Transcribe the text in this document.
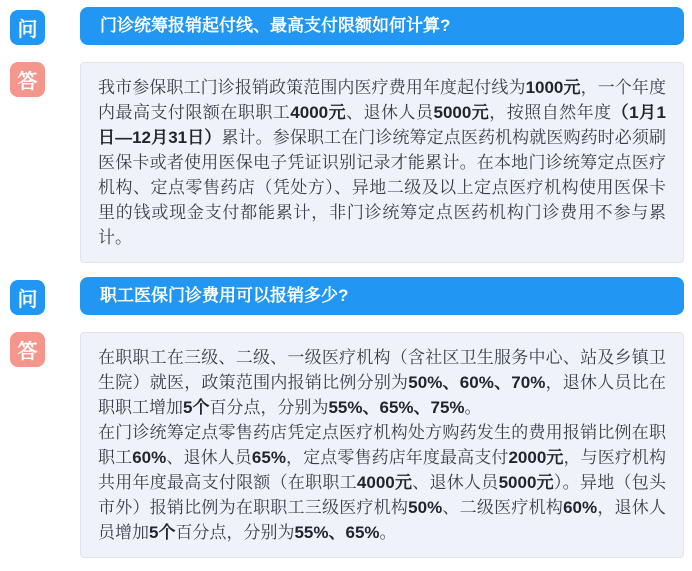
问	门诊统筹报销起付线、最高支付限额如何计算?
答	我市参保职工门诊报销政策范围内医疗费用年度起付线为1000元，一个年度内最高支付限额在职职工4000元、退休人员5000元，按照自然年度（1月1日—12月31日）累计。参保职工在门诊统筹定点医药机构就医购药时必须刷医保卡或者使用医保电子凭证识别记录才能累计。在本地门诊统筹定点医疗机构、定点零售药店（凭处方）、异地二级及以上定点医疗机构使用医保卡里的钱或现金支付都能累计，非门诊统筹定点医药机构门诊费用不参与累计。

问	职工医保门诊费用可以报销多少?
答	在职职工在三级、二级、一级医疗机构（含社区卫生服务中心、站及乡镇卫生院）就医，政策范围内报销比例分别为50%、60%、70%，退休人员比在职职工增加5个百分点，分别为55%、65%、75%。

在门诊统筹定点零售药店凭定点医疗机构处方购药发生的费用报销比例在职职工60%、退休人员65%，定点零售药店年度最高支付2000元，与医疗机构共用年度最高支付限额（在职职工4000元、退休人员5000元）。异地（包头市外）报销比例为在职职工三级医疗机构50%、二级医疗机构60%，退休人员增加5个百分点，分别为55%、65%。
